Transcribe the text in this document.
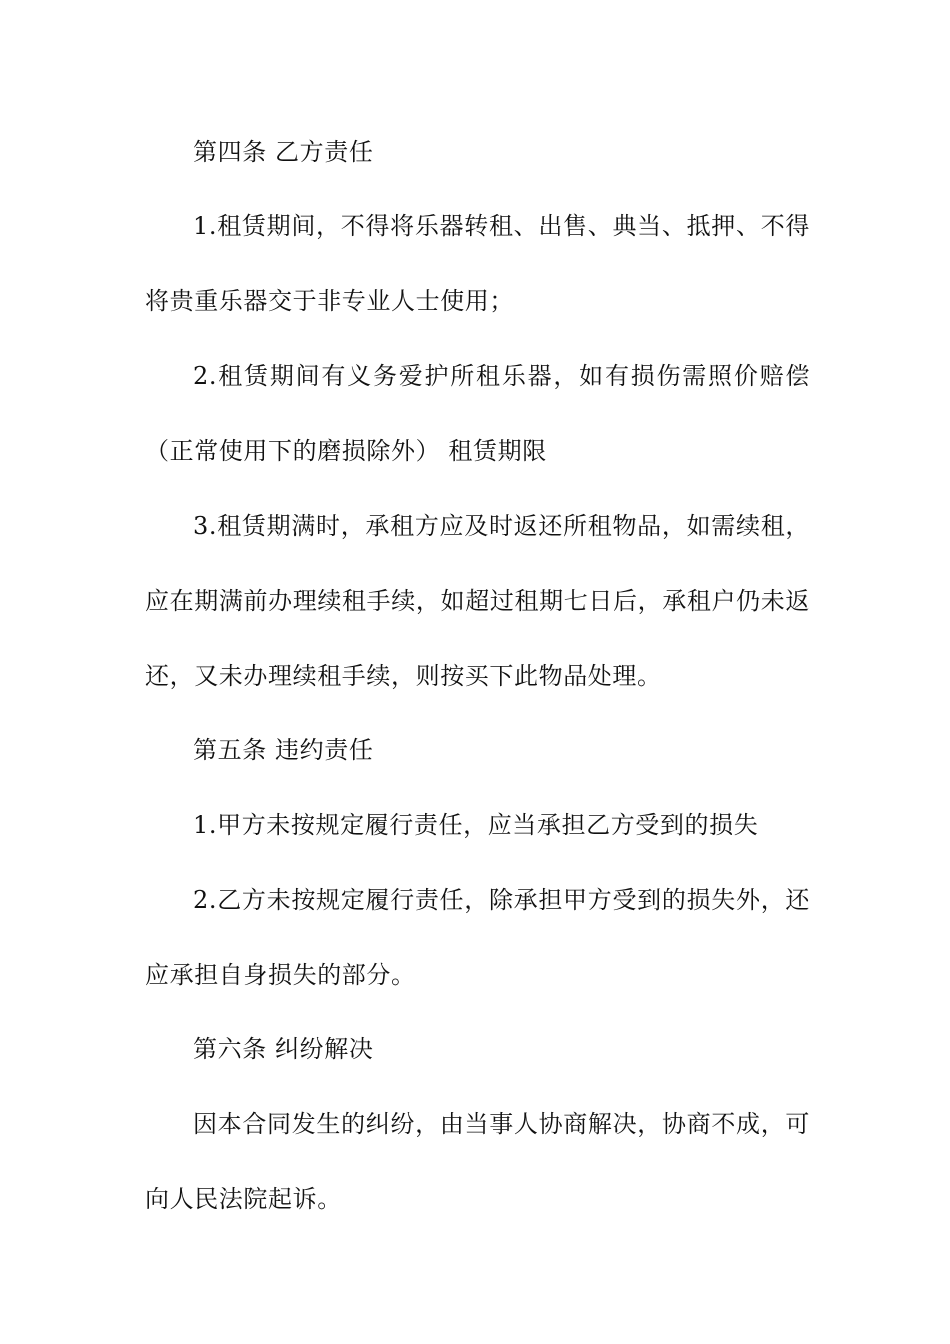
第四条 乙方责任
1.租赁期间，不得将乐器转租、出售、典当、抵押、不得
将贵重乐器交于非专业人士使用；
2.租赁期间有义务爱护所租乐器，如有损伤需照价赔偿
（正常使用下的磨损除外） 租赁期限
3.租赁期满时，承租方应及时返还所租物品，如需续租，
应在期满前办理续租手续，如超过租期七日后，承租户仍未返
还，又未办理续租手续，则按买下此物品处理。
第五条 违约责任
1.甲方未按规定履行责任，应当承担乙方受到的损失
2.乙方未按规定履行责任，除承担甲方受到的损失外，还
应承担自身损失的部分。
第六条 纠纷解决
因本合同发生的纠纷，由当事人协商解决，协商不成，可
向人民法院起诉。
